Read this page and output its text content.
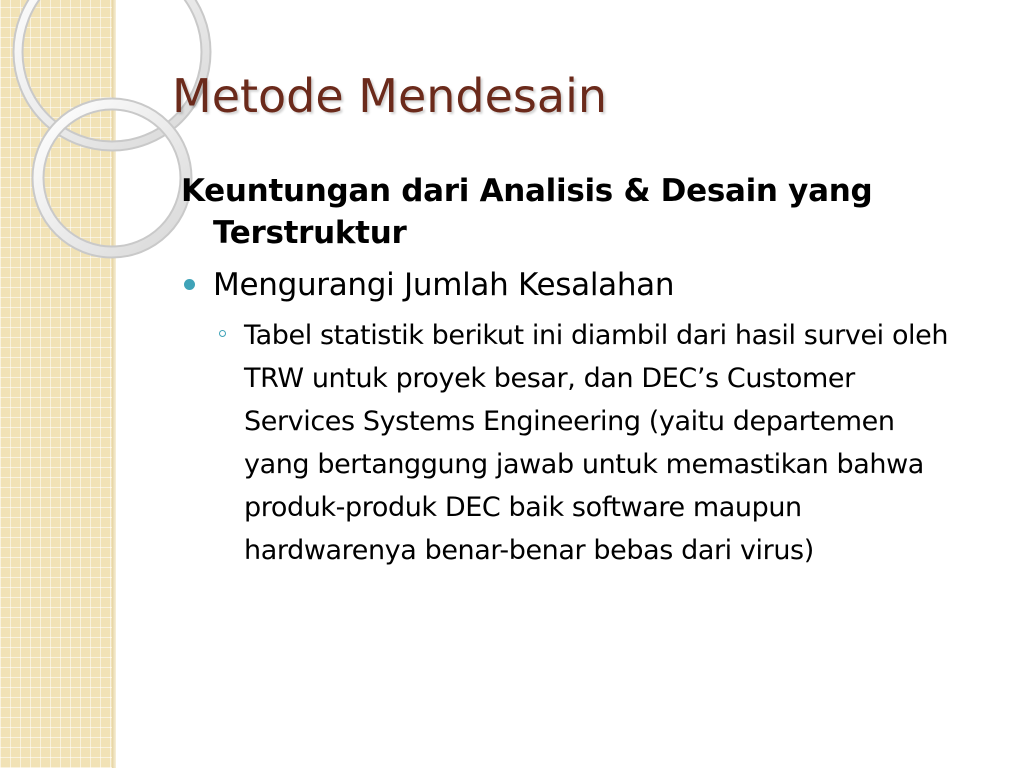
Metode Mendesain

Keuntungan dari Analisis & Desain yang Terstruktur

Mengurangi Jumlah Kesalahan
Tabel statistik berikut ini diambil dari hasil survei oleh TRW untuk proyek besar, dan DEC’s Customer Services Systems Engineering (yaitu departemen yang bertanggung jawab untuk memastikan bahwa produk-produk DEC baik software maupun hardwarenya benar-benar bebas dari virus)
